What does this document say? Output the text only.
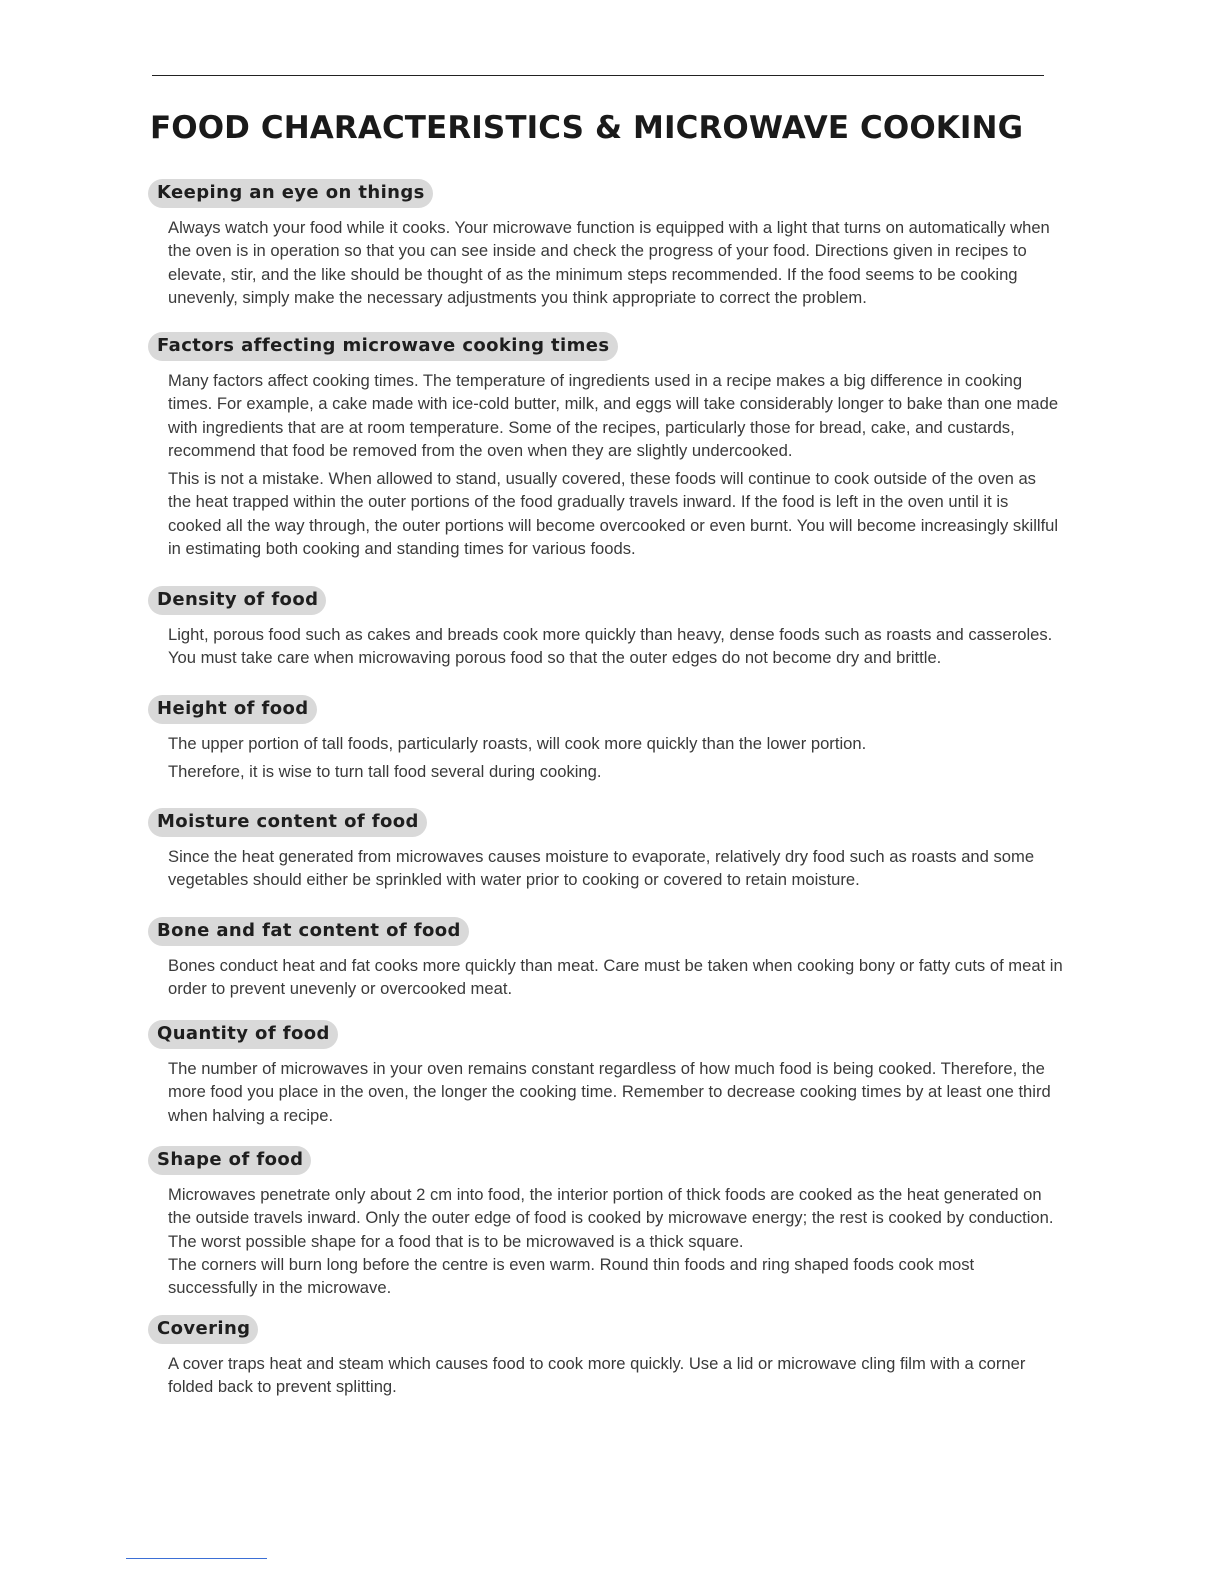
FOOD CHARACTERISTICS & MICROWAVE COOKING
Keeping an eye on things

Always watch your food while it cooks. Your microwave function is equipped with a light that turns on automatically when the oven is in operation so that you can see inside and check the progress of your food. Directions given in recipes to elevate, stir, and the like should be thought of as the minimum steps recommended. If the food seems to be cooking unevenly, simply make the necessary adjustments you think appropriate to correct the problem.

Factors affecting microwave cooking times

Many factors affect cooking times. The temperature of ingredients used in a recipe makes a big difference in cooking times. For example, a cake made with ice-cold butter, milk, and eggs will take considerably longer to bake than one made with ingredients that are at room temperature. Some of the recipes, particularly those for bread, cake, and custards, recommend that food be removed from the oven when they are slightly undercooked.

This is not a mistake. When allowed to stand, usually covered, these foods will continue to cook outside of the oven as the heat trapped within the outer portions of the food gradually travels inward. If the food is left in the oven until it is cooked all the way through, the outer portions will become overcooked or even burnt. You will become increasingly skillful in estimating both cooking and standing times for various foods.

Density of food

Light, porous food such as cakes and breads cook more quickly than heavy, dense foods such as roasts and casseroles. You must take care when microwaving porous food so that the outer edges do not become dry and brittle.

Height of food

The upper portion of tall foods, particularly roasts, will cook more quickly than the lower portion.

Therefore, it is wise to turn tall food several during cooking.

Moisture content of food

Since the heat generated from microwaves causes moisture to evaporate, relatively dry food such as roasts and some vegetables should either be sprinkled with water prior to cooking or covered to retain moisture.

Bone and fat content of food

Bones conduct heat and fat cooks more quickly than meat. Care must be taken when cooking bony or fatty cuts of meat in order to prevent unevenly or overcooked meat.

Quantity of food

The number of microwaves in your oven remains constant regardless of how much food is being cooked. Therefore, the more food you place in the oven, the longer the cooking time. Remember to decrease cooking times by at least one third when halving a recipe.

Shape of food

Microwaves penetrate only about 2 cm into food, the interior portion of thick foods are cooked as the heat generated on the outside travels inward. Only the outer edge of food is cooked by microwave energy; the rest is cooked by conduction. The worst possible shape for a food that is to be microwaved is a thick square.

The corners will burn long before the centre is even warm. Round thin foods and ring shaped foods cook most successfully in the microwave.

Covering

A cover traps heat and steam which causes food to cook more quickly. Use a lid or microwave cling film with a corner folded back to prevent splitting.
